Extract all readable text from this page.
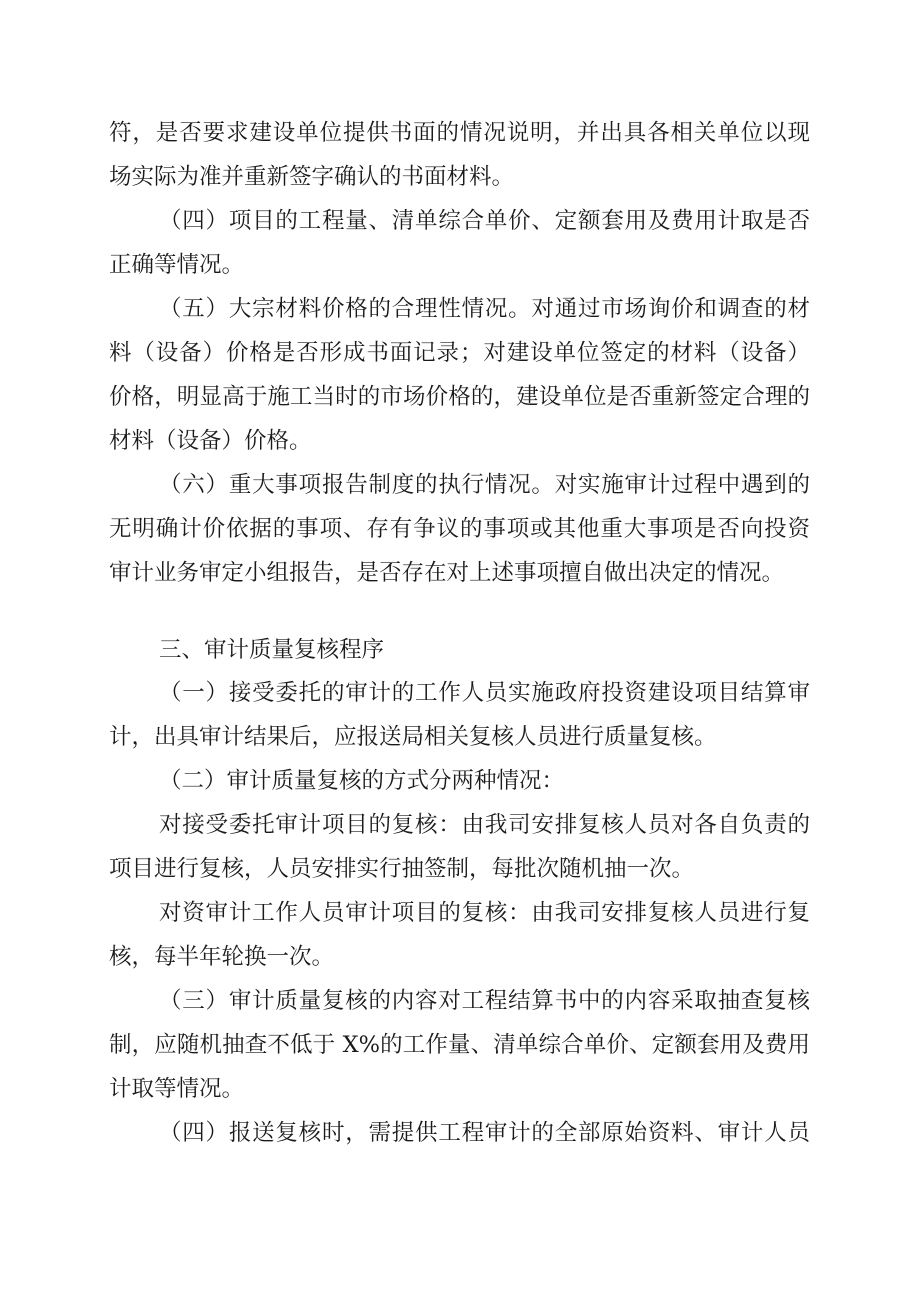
符，是否要求建设单位提供书面的情况说明，并出具各相关单位以现
场实际为准并重新签字确认的书面材料。
（四）项目的工程量、清单综合单价、定额套用及费用计取是否
正确等情况。
（五）大宗材料价格的合理性情况。对通过市场询价和调查的材
料（设备）价格是否形成书面记录；对建设单位签定的材料（设备）
价格，明显高于施工当时的市场价格的，建设单位是否重新签定合理的
材料（设备）价格。
（六）重大事项报告制度的执行情况。对实施审计过程中遇到的
无明确计价依据的事项、存有争议的事项或其他重大事项是否向投资
审计业务审定小组报告，是否存在对上述事项擅自做出决定的情况。
三、审计质量复核程序
（一）接受委托的审计的工作人员实施政府投资建设项目结算审
计，出具审计结果后，应报送局相关复核人员进行质量复核。
（二）审计质量复核的方式分两种情况：
对接受委托审计项目的复核：由我司安排复核人员对各自负责的
项目进行复核，人员安排实行抽签制，每批次随机抽一次。
对资审计工作人员审计项目的复核：由我司安排复核人员进行复
核，每半年轮换一次。
（三）审计质量复核的内容对工程结算书中的内容采取抽查复核
制，应随机抽查不低于 X%的工作量、清单综合单价、定额套用及费用
计取等情况。
（四）报送复核时，需提供工程审计的全部原始资料、审计人员
